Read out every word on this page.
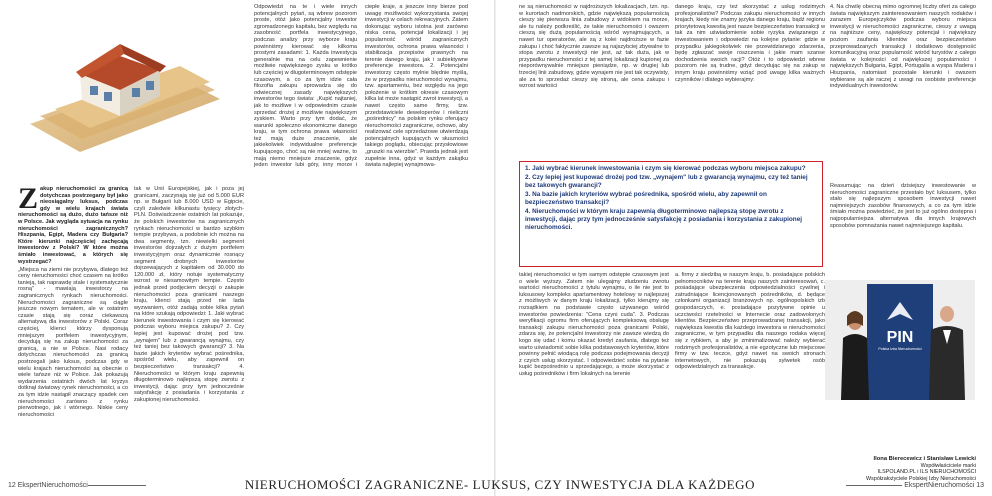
Z akup nieruchomości za granicą dotychczas postrzegany był jako nieosiągalny luksus, podczas gdy w wielu krajach świata nieruchomości są dużo, dużo tańsze niż w Polsce. Jak wygląda sytuacja na rynku nieruchomości zagranicznych? Hiszpania, Egipt, Madera czy Bułgaria? Które kierunki najczęściej zachęcają inwestorów z Polski? W które można śmiało inwestować, a których się wystrzegać?

„Miejsca na ziemi nie przybywa, dlatego też ceny nieruchomości choć czasem na krótko tanieją, tak naprawdę stale i systematycznie rosną" - mawiają inwestorzy na zagranicznych rynkach nieruchomości. Nieruchomości zagraniczne są ciągle jeszcze nowym tematem, ale w ostatnim czasie stają się coraz ciekawszą alternatywą dla inwestorów z Polski. Coraz częściej, klienci którzy dysponują mniejszym portfelem inwestycyjnym, decydują się na zakup nieruchomości za granicą, a nie w Polsce. Nasi rodacy dotychczas nieruchomości za granicą postrzegali jako luksus, podczas gdy w wielu krajach nieruchomości są obecnie o wiele tańsze niż w Polsce. Jak pokazują wydarzenia ostatnich dwóch lat kryzys dotknął światowy rynek nieruchomości, a co za tym idzie nastąpił znaczący spadek cen nieruchomości zarówno z rynku pierwotnego, jak i wtórnego. Niskie ceny nieruchomości

tak w Unii Europejskiej, jak i poza jej granicami, zaczynają się już od 5.000 EUR np. w Bułgarii lub 8.000 USD w Egipcie, czyli zaledwie kilkunastu tysięcy złotych- PLN. Doświadczenie ostatnich lat pokazuje, że polskich inwestorów na zagranicznych rynkach nieruchomości w bardzo szybkim tempie przybywa, a podobnie ich można na dwa segmenty, tzn. niewielki segment inwestorów dojrzałych z dużym portfelem inwestycyjnym oraz dynamicznie rosnący segment drobnych inwestorów dojrzewających z kapitałem od 30.000 do 120.000 zł, który notuje systematyczny wzrost w niesamowitym tempie. Często jednak przed podjęciem decyzji o zakupie nieruchomości poza granicami naszego kraju, klienci stają przed nie lada wyzwaniem, otóż zadają sobie kilka pytań na które szukają odpowiedzi: 1. Jaki wybrać kierunek inwestowania i czym się kierować podczas wyboru miejsca zakupu? 2. Czy lepiej jest kupować drożej pod tzw. „wynajem" lub z gwarancją wynajmu, czy też taniej bez takowych gwarancji? 3. Na bazie jakich kryteriów wybrać pośrednika, spośród wielu, aby zapewnił on bezpieczeństwo transakcji? 4. Nieruchomości w którym kraju zapewnią długoterminowo najlepszą stopę zwrotu z inwestycji, dając przy tym jednocześnie satysfakcję z posiadania i korzystania z zakupionej nieruchomości.

Odpowiedzi na te i wiele innych potencjalnych pytań, są wbrew pozorom proste, otóż jako potencjalny inwestor zgromadzonego kapitału, bez względu na zasobność portfela inwestycyjnego, podczas analizy przy wyborze kraju powinniśmy kierować się kilkoma prostymi zasadami: 1. Każda inwestycja generalnie ma na celu zapewnienie możliwie największego zysku w krótko lub częściej w długoterminowym odstępie czasowym, a co za tym idzie cała filozofia zakupu sprowadza się do odwiecznej zasady największych inwestorów tego świata: „Kupić najtaniej, jak to możliwe i w odpowiednim czasie sprzedać drożej z możliwie największym zyskiem. Warto przy tym dodać, że warunki społeczno ekonomiczne danego kraju, w tym ochrona prawa własności też mają duże znaczenie, ale jakiekolwiek indywidualne preferencje kupującego, choć są nie mniej ważne, to mają niemo mniejsze znaczenie, gdyż jeden inwestor lubi góry, inny morze i ciepłe kraje, a jeszcze inny bierze pod uwagę możliwości wykorzystania swojej inwestycji w celach rekreacyjnych. Zatem dokonując wyboru istotna jest zarówno niska cena, potencjał lokalizacji i jej popularność wśród zagranicznych inwestorów, ochrona prawa własności i stabilizacja przepisów prawnych na terenie danego kraju, jak i subiektywne preferencje inwestora. 2. Potencjalni inwestorzy często mylnie błędnie myślą, że w przypadku nieruchomości wynajmu, tzw. apartamentu, bez względu na jego położenie w krótkim okresie czasowym kilka lat może nastąpić zwrot inwestycji, a nawet często same firmy, tzw. przedstawiciele deweloperów i nieliczni „pośrednicy" na polskim rynku oferujący nieruchomości zagraniczne, ochowo, aby realizować cele sprzedażowe utwierdzają potencjalnych kupujących w słuszności takiego poglądu, obiecując przysłowiowe „gruszki na wierzbie". Prawda jednak jest zupełnie inna, gdyż w każdym zakątku świata najlepiej wynajmowa-

ne są nieruchomości w najdroższych lokalizacjach, tzn. np. w kurortach nadmorskich, gdzie największą popularnością cieszy się pierwsza linia zabudowy z widokiem na morze, ale tu należy podkreślić, że takie nieruchomości i owszem cieszą się dużą popularnością wśród wynajmujących, a nawet tur operatorów, ale są z kolei najdroższe w fazie zakupu i choć faktycznie zawsze są najszybciej zbywalne to stopa zwrotu z inwestycji nie jest, aż tak duża, jak w przypadku nieruchomości z tej samej lokalizacji kupionej za nieporównywalnie mniejsze pieniądze, np. w drugiej lub trzeciej linii zabudowy, gdzie wynajem nie jest tak oczywisty, ale za to sprzedaż cieszy się stroną, ale cena zakupu i wzrost wartości

danego kraju, czy też skorzystać z usług rodzimych profesjonalistów? Podczas zakupu nieruchomości w innych krajach, kiedy nie znamy języka danego kraju, bądź regionu priorytetową kwestią jest nasze bezpieczeństwo transakcji w tak za nim uświadomienie sobie ryzyka związanego z inwestowaniem i odpowiedzi na kolejne pytanie: gdzie w przypadku jakiegokolwiek nie przewidzianego zdarzenia, będę zgłaszać swoje roszczenia i jakie mam szanse dochodzenia swoich racji? Otóż i to odpowiedzi wbrew pozorom nie są trudne, gdyż decydując się na zakup w innym kraju powinniśmy wziąć pod uwagę kilka ważnych czynników i dlatego wybierajmy:

takiej nieruchomości w tym samym odstępie czasowym jest o wiele wyższy. Zatem nie ulegajmy złudzeniu zwrotu wartości nieruchomości z tytułu wynajmu, o ile nie jest to luksusowy kompleks apartamentowy hotelowy w najlepszej z możliwych w danym kraju lokalizacji, tylko kierujmy się rozsądkiem na podstawie często używanego wśród inwestorów powiedzenia: "Cena czyni cuda". 3. Podczas weryfikacji ogromu firm oferujących kompleksową obsługę transakcji zakupu nieruchomości poza granicami Polski, zdarza się, że potencjalni inwestorzy nie zawsze wiedzą do kogo się udać i komu okazać kredyt zaufania, dlatego też warto uświadomić sobie kilka podstawowych kryteriów, które powinny pełnić wiodącą rolę podczas podejmowania decyzji z czyich usług skorzystać. I odpowiedzieć sobie na pytanie kupić bezpośrednio u sprzedającego, a może skorzystać z usług pośredników i firm lokalnych na terenie

a. firmy z siedzibą w naszym kraju, b. posiadające polskich pełnomocników na terenie kraju naszych zainteresowań, c. posiadające ubezpieczenia odpowiedzialności cywilnej i zatrudniające licencjonowanych pośredników, d. będące członkami organizacji branżowych np. ogólnopolskich izb gospodarczych, e. posiadające pozytywne opinie u uczciwości rzetelności w Internecie oraz zadowolonych klientów. Bezpieczeństwo przeprowadzanej transakcji, jako największa kwestia dla każdego inwestora w nieruchomości zagraniczne, w tym przypadku dla naszego rodaka więcej się z rybkiem, a aby je zminimalizować należy wybierać rodzimych profesjonalistów, a nie egzotyczne lub miejscowe firmy w tzw. teczce, gdyż nawet na swoich stronach internetowych, nie pokazują sylwetek osób odpowiedzialnych za transakcje.

4. Na chwilę obecną mimo ogromnej liczby ofert za całego świata największym zainteresowaniem naszych rodaków i zarazem Europejczyków podczas wyboru miejsca inwestycji w nieruchomości zagraniczne, cieszy z uwagą na najniższe ceny, największy potencjał i największy poziom zaufania klientów oraz bezpieczeństwo przeprowadzanych transakcji i dodatkowo dostępność komunikacyjną oraz popularność wśród turystów z całego świata w kolejności od największej popularności i największych Bułgaria, Egipt, Portugalia a wyspa Madera i Hiszpania, natomiast pozostałe kierunki i owszem wybierane są ale raczej z uwagi na osobiste preferencje indywidualnych inwestorów.

Reasumując na dzień dzisiejszy inwestowanie w nieruchomości zagraniczne przestało być luksusem, tylko stało się najlepszym sposobem inwestycji nawet najmniejszych zasobów finansowych, a co za tym idzie śmiało można powiedzieć, że jest to już ogólno dostępna i najpopularniejsza alternatywa dla innych krajowych sposobów pomnażania nawet najmniejszego kapitału.

1. Jaki wybrać kierunek inwestowania i czym się kierować podczas wyboru miejsca zakupu?

2. Czy lepiej jest kupować drożej pod tzw. „wynajem" lub z gwarancją wynajmu, czy też taniej bez takowych gwarancji?

3. Na bazie jakich kryteriów wybrać pośrednika, spośród wielu, aby zapewnił on bezpieczeństwo transakcji?

4. Nieruchomości w którym kraju zapewnią długoterminowo najlepszą stopę zwrotu z inwestycji, dając przy tym jednocześnie satysfakcję z posiadania i korzystania z zakupionej nieruchomości.

PIN
Polska Izba Nieruchomości
Ilona Bierecewicz i Stanisław Lewicki
Współwłaściciele marki
ILSPOLAND.PL i ILS NIERUCHOMOŚCI
Współzałożyciele Polskiej Izby Nieruchomości
12 EkspertNieruchomości	NIERUCHOMOŚCI ZAGRANICZNE- LUKSUS, CZY INWESTYCJA DLA KAŻDEGO	EkspertNieruchomości 13
